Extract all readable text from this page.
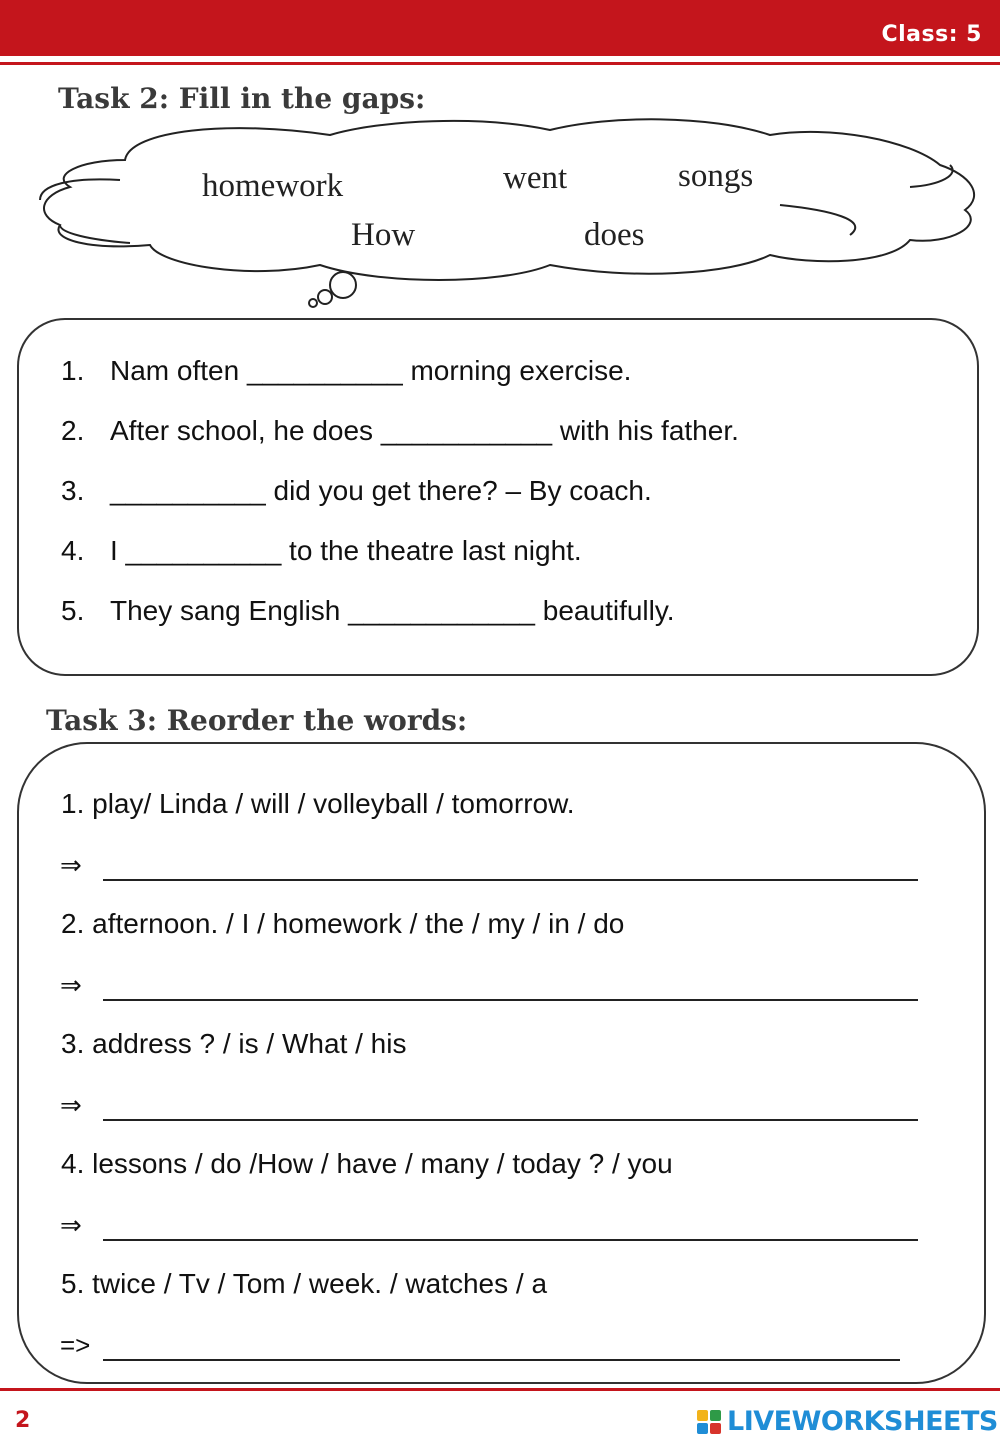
Class: 5
Task 2: Fill in the gaps:
homework	went	songs
How	does
1. Nam often __________ morning exercise.
2. After school, he does ___________ with his father.
3. __________ did you get there? – By coach.
4. I __________ to the theatre last night.
5. They sang English ____________ beautifully.
Task 3: Reorder the words:
1. play/ Linda / will / volleyball / tomorrow.
⇒
2. afternoon. / I / homework / the / my / in / do
⇒
3. address ? / is / What / his
⇒
4. lessons / do /How / have / many / today ? / you
⇒
5. twice / Tv / Tom / week. / watches / a
=>
2	LIVEWORKSHEETS
